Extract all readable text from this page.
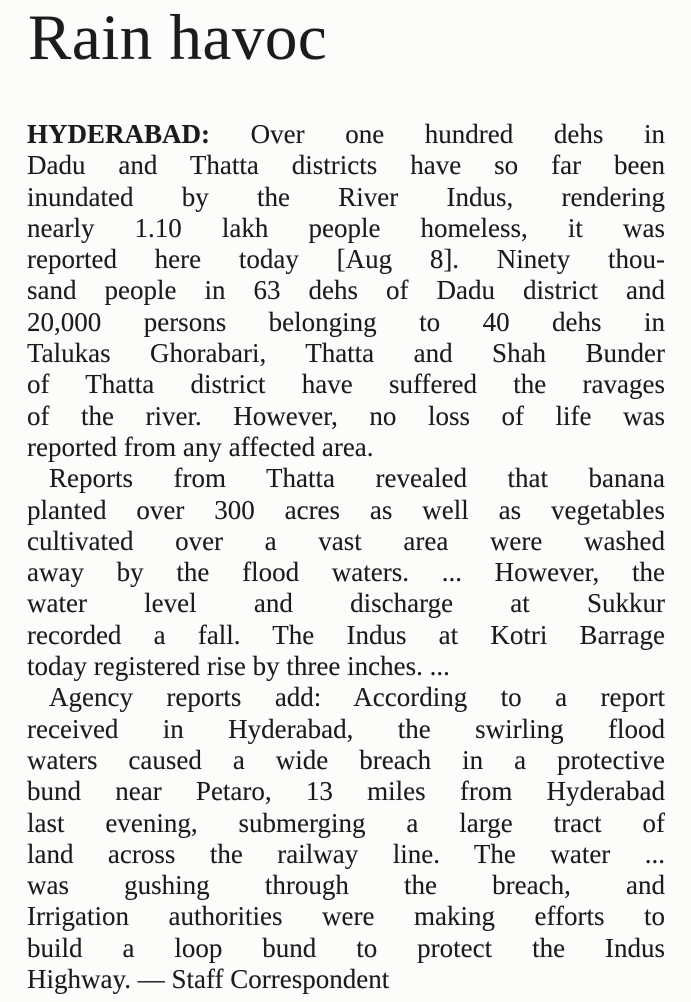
Rain havoc
HYDERABAD: Over one hundred dehs in
Dadu and Thatta districts have so far been
inundated by the River Indus, rendering
nearly 1.10 lakh people homeless, it was
reported here today [Aug 8]. Ninety thou-
sand people in 63 dehs of Dadu district and
20,000 persons belonging to 40 dehs in
Talukas Ghorabari, Thatta and Shah Bunder
of Thatta district have suffered the ravages
of the river. However, no loss of life was
reported from any affected area.
Reports from Thatta revealed that banana
planted over 300 acres as well as vegetables
cultivated over a vast area were washed
away by the flood waters. ... However, the
water level and discharge at Sukkur
recorded a fall. The Indus at Kotri Barrage
today registered rise by three inches. ...
Agency reports add: According to a report
received in Hyderabad, the swirling flood
waters caused a wide breach in a protective
bund near Petaro, 13 miles from Hyderabad
last evening, submerging a large tract of
land across the railway line. The water ...
was gushing through the breach, and
Irrigation authorities were making efforts to
build a loop bund to protect the Indus
Highway. — Staff Correspondent
